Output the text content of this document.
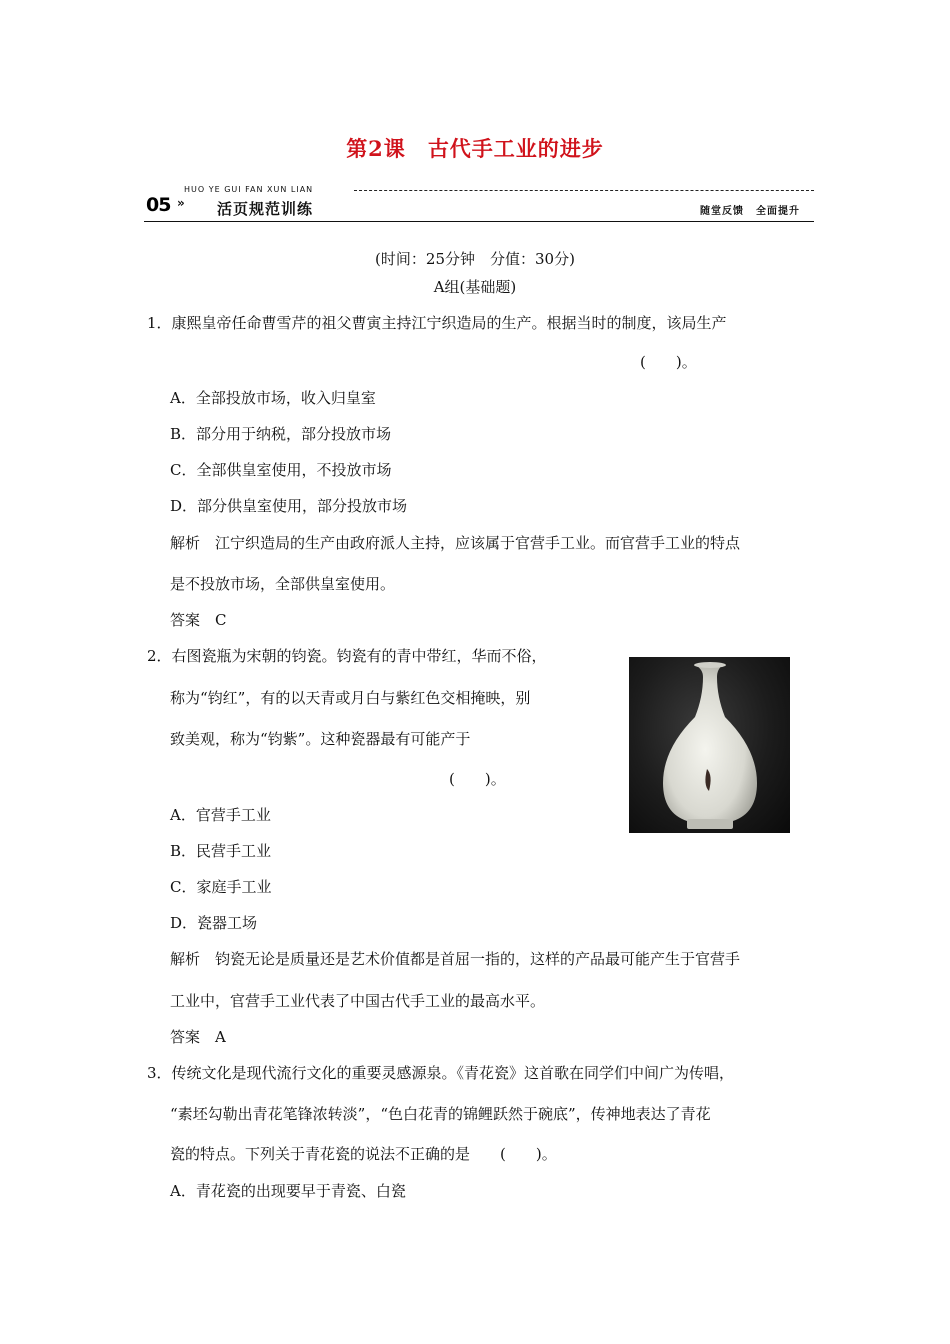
第2课 古代手工业的进步
HUO YE GUI FAN XUN LIAN
05 » 活页规范训练	随堂反馈 全面提升
(时间：25分钟　分值：30分)
A组(基础题)
1．康熙皇帝任命曹雪芹的祖父曹寅主持江宁织造局的生产。根据当时的制度，该局生产
(　　)。
A．全部投放市场，收入归皇室
B．部分用于纳税，部分投放市场
C．全部供皇室使用，不投放市场
D．部分供皇室使用，部分投放市场
解析　江宁织造局的生产由政府派人主持，应该属于官营手工业。而官营手工业的特点
是不投放市场，全部供皇室使用。
答案　C
2．右图瓷瓶为宋朝的钧瓷。钧瓷有的青中带红，华而不俗，
称为“钧红”，有的以天青或月白与紫红色交相掩映，别
致美观，称为“钧紫”。这种瓷器最有可能产于
(　　)。
A．官营手工业
B．民营手工业
C．家庭手工业
D．瓷器工场
解析　钧瓷无论是质量还是艺术价值都是首屈一指的，这样的产品最可能产生于官营手
工业中，官营手工业代表了中国古代手工业的最高水平。
答案　A
3．传统文化是现代流行文化的重要灵感源泉。《青花瓷》这首歌在同学们中间广为传唱，
“素坯勾勒出青花笔锋浓转淡”，“色白花青的锦鲤跃然于碗底”，传神地表达了青花
瓷的特点。下列关于青花瓷的说法不正确的是　　(　　)。
A．青花瓷的出现要早于青瓷、白瓷
